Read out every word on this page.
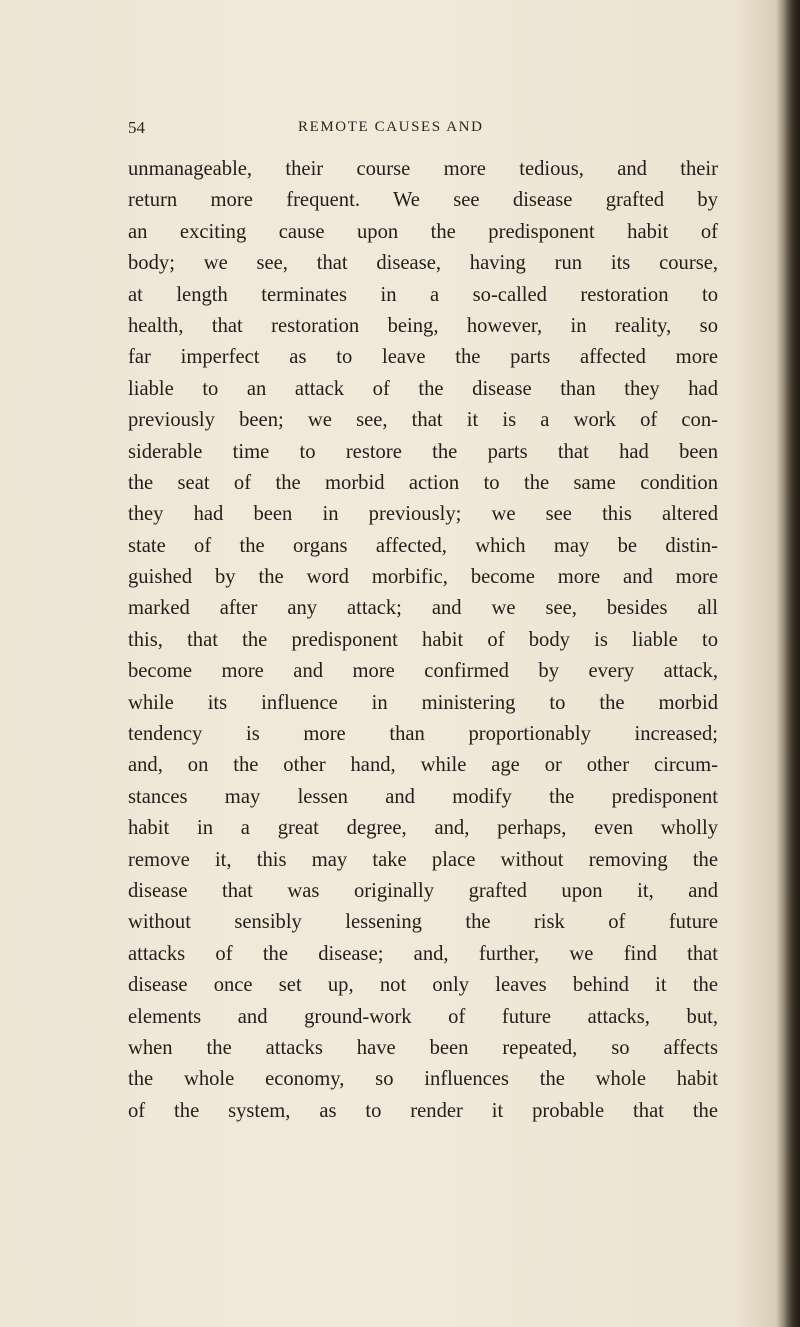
54	REMOTE CAUSES AND
unmanageable, their course more tedious, and their
return more frequent. We see disease grafted by
an exciting cause upon the predisponent habit of
body; we see, that disease, having run its course,
at length terminates in a so-called restoration to
health, that restoration being, however, in reality, so
far imperfect as to leave the parts affected more
liable to an attack of the disease than they had
previously been; we see, that it is a work of con-
siderable time to restore the parts that had been
the seat of the morbid action to the same condition
they had been in previously; we see this altered
state of the organs affected, which may be distin-
guished by the word morbific, become more and more
marked after any attack; and we see, besides all
this, that the predisponent habit of body is liable to
become more and more confirmed by every attack,
while its influence in ministering to the morbid
tendency is more than proportionably increased;
and, on the other hand, while age or other circum-
stances may lessen and modify the predisponent
habit in a great degree, and, perhaps, even wholly
remove it, this may take place without removing the
disease that was originally grafted upon it, and
without sensibly lessening the risk of future
attacks of the disease; and, further, we find that
disease once set up, not only leaves behind it the
elements and ground-work of future attacks, but,
when the attacks have been repeated, so affects
the whole economy, so influences the whole habit
of the system, as to render it probable that the
